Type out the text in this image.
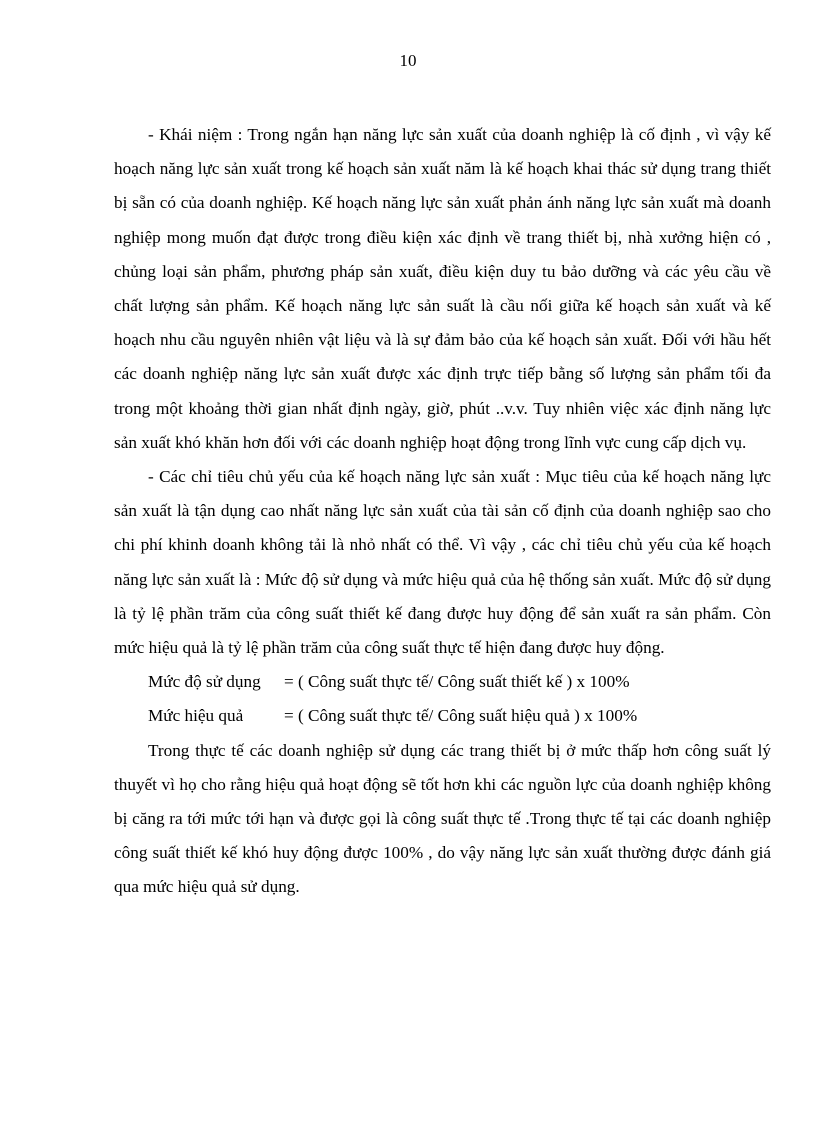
10

- Khái niệm : Trong ngắn hạn năng lực sản xuất của doanh nghiệp là cố định , vì vậy kế hoạch năng lực sản xuất trong kế hoạch sản xuất năm là kế hoạch khai thác sử dụng trang thiết bị sẵn có của doanh nghiệp. Kế hoạch năng lực sản xuất phản ánh năng lực sản xuất mà doanh nghiệp mong muốn đạt được trong điều kiện xác định về trang thiết bị, nhà xưởng hiện có , chủng loại sản phẩm, phương pháp sản xuất, điều kiện duy tu bảo dưỡng và các yêu cầu về chất lượng sản phẩm. Kế hoạch năng lực sản suất là cầu nối giữa kế hoạch sản xuất và kế hoạch nhu cầu nguyên nhiên vật liệu và là sự đảm bảo của kế hoạch sản xuất. Đối với hầu hết các doanh nghiệp năng lực sản xuất được xác định trực tiếp bằng số lượng sản phẩm tối đa trong một khoảng thời gian nhất định ngày, giờ, phút ..v.v. Tuy nhiên việc xác định năng lực sản xuất khó khăn hơn đối với các doanh nghiệp hoạt động trong lĩnh vực cung cấp dịch vụ.

- Các chỉ tiêu chủ yếu của kế hoạch năng lực sản xuất : Mục tiêu của kế hoạch năng lực sản xuất là tận dụng cao nhất năng lực sản xuất của tài sản cố định của doanh nghiệp sao cho chi phí khinh doanh không tải là nhỏ nhất có thể. Vì vậy , các chỉ tiêu chủ yếu của kế hoạch năng lực sản xuất là : Mức độ sử dụng và mức hiệu quả của hệ thống sản xuất. Mức độ sử dụng là tỷ lệ phần trăm của công suất thiết kế đang được huy động để sản xuất ra sản phẩm. Còn mức hiệu quả là tỷ lệ phần trăm của công suất thực tế hiện đang được huy động.

Mức độ sử dụng = ( Công suất thực tế/ Công suất thiết kế ) x 100%

Mức hiệu quả = ( Công suất thực tế/ Công suất hiệu quả ) x 100%

Trong thực tế các doanh nghiệp sử dụng các trang thiết bị ở mức thấp hơn công suất lý thuyết vì họ cho rằng hiệu quả hoạt động sẽ tốt hơn khi các nguồn lực của doanh nghiệp không bị căng ra tới mức tới hạn và được gọi là công suất thực tế .Trong thực tế tại các doanh nghiệp công suất thiết kế khó huy động được 100% , do vậy năng lực sản xuất thường được đánh giá qua mức hiệu quả sử dụng.
